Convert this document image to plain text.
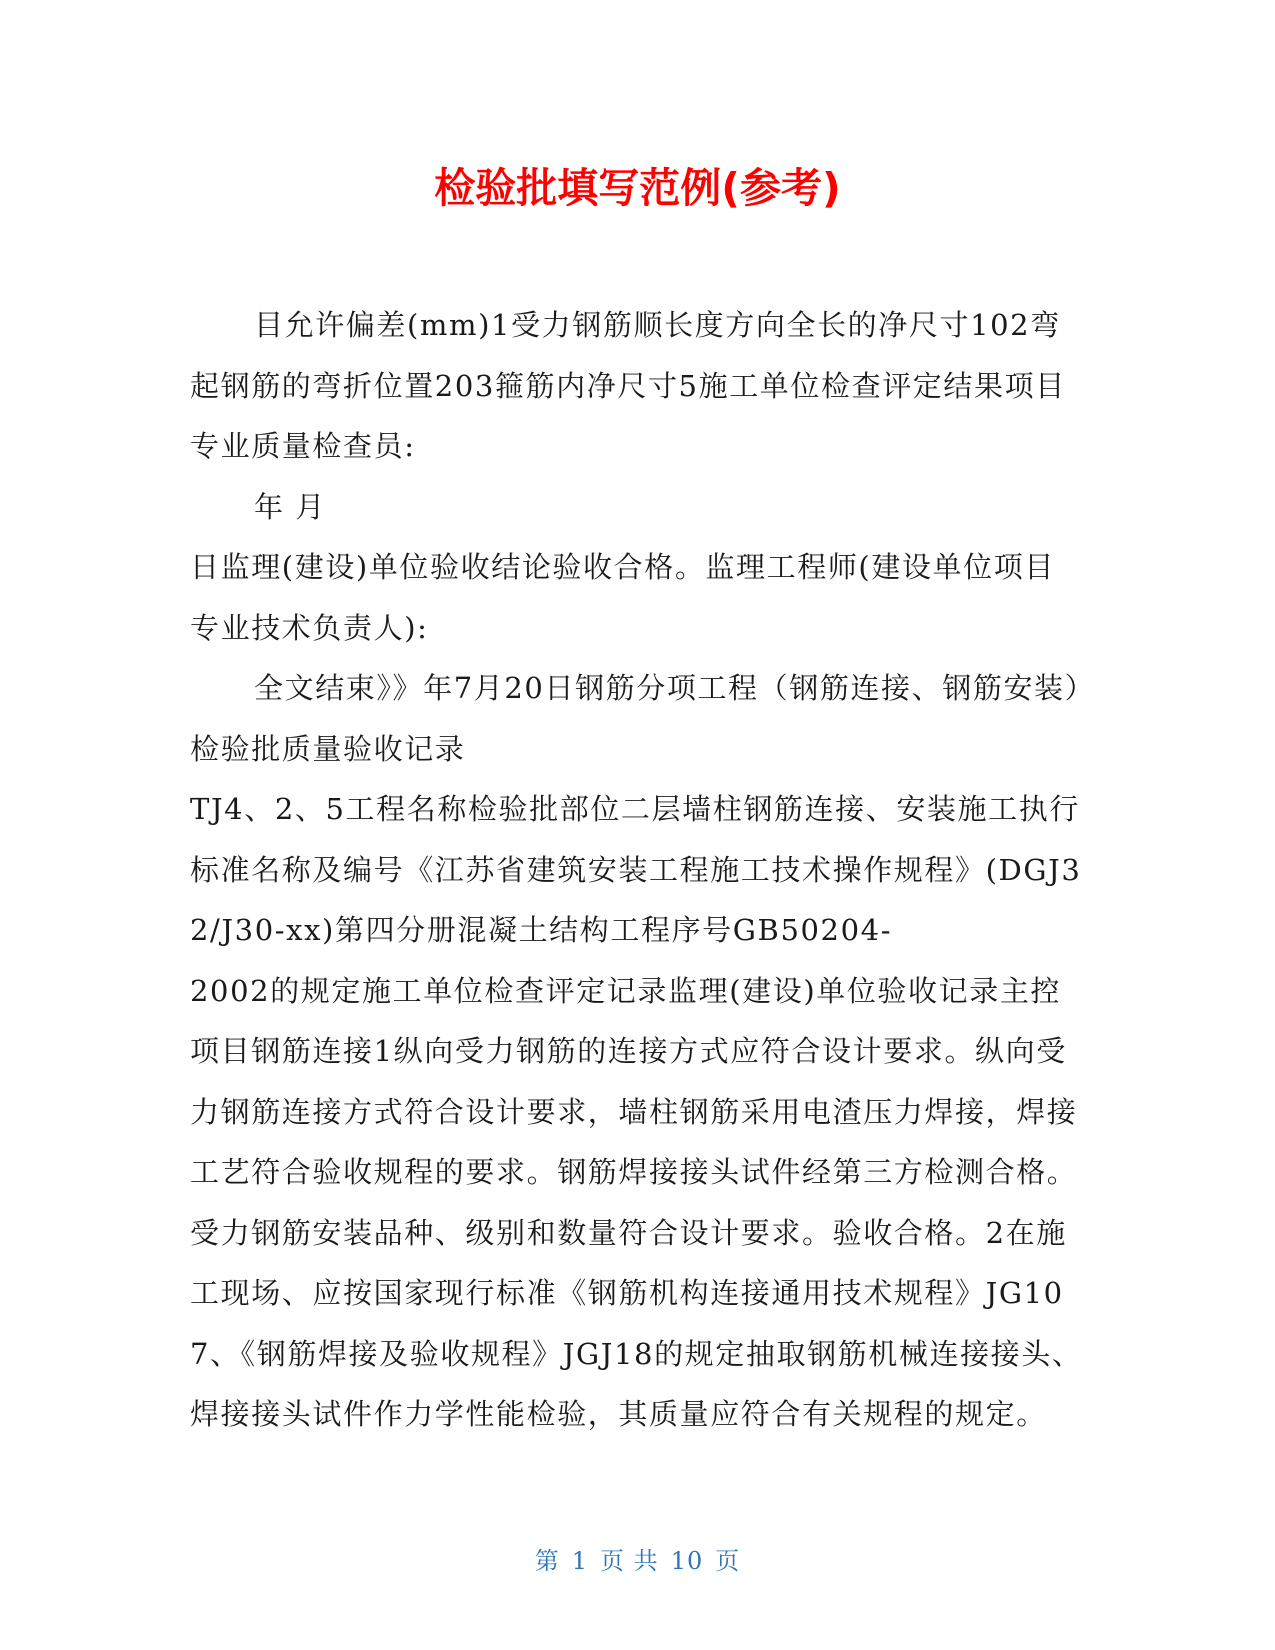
检验批填写范例(参考)

目允许偏差(mm)1受力钢筋顺长度方向全长的净尺寸102弯起钢筋的弯折位置203箍筋内净尺寸5施工单位检查评定结果项目专业质量检查员:

年 月

日监理(建设)单位验收结论验收合格。监理工程师(建设单位项目专业技术负责人):

全文结束》》年7月20日钢筋分项工程（钢筋连接、钢筋安装）检验批质量验收记录

TJ4、2、5工程名称检验批部位二层墙柱钢筋连接、安装施工执行标准名称及编号《江苏省建筑安装工程施工技术操作规程》(DGJ32/J30-xx)第四分册混凝土结构工程序号GB50204-

2002的规定施工单位检查评定记录监理(建设)单位验收记录主控项目钢筋连接1纵向受力钢筋的连接方式应符合设计要求。纵向受力钢筋连接方式符合设计要求，墙柱钢筋采用电渣压力焊接，焊接工艺符合验收规程的要求。钢筋焊接接头试件经第三方检测合格。受力钢筋安装品种、级别和数量符合设计要求。验收合格。2在施工现场、应按国家现行标准《钢筋机构连接通用技术规程》JG107、《钢筋焊接及验收规程》JGJ18的规定抽取钢筋机械连接接头、焊接接头试件作力学性能检验，其质量应符合有关规程的规定。

第 1 页 共 10 页
